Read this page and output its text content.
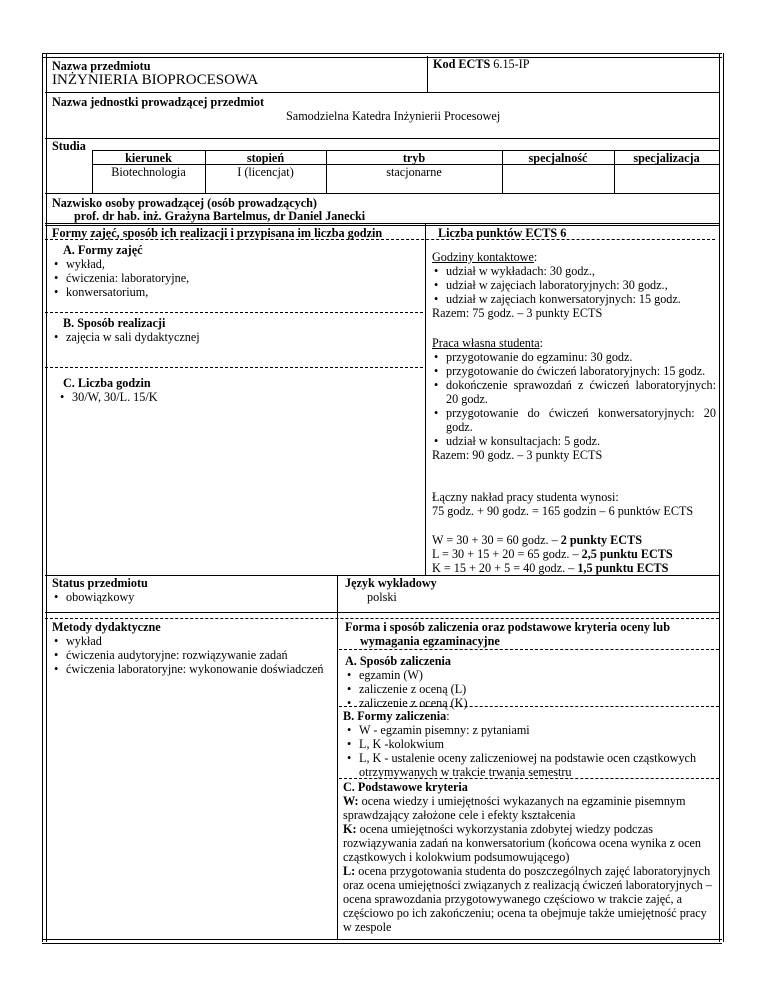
Nazwa przedmiotu
INŻYNIERIA BIOPROCESOWA
Kod ECTS 6.15-IP
Nazwa jednostki prowadzącej przedmiot
Samodzielna Katedra Inżynierii Procesowej
Studia
kierunek	stopień	tryb	specjalność	specjalizacja
Biotechnologia	I (licencjat)	stacjonarne
Nazwisko osoby prowadzącej (osób prowadzących)
prof. dr hab. inż. Grażyna Bartelmus, dr Daniel Janecki
Formy zajęć, sposób ich realizacji i przypisana im liczba godzin
A. Formy zajęć
• wykład,
• ćwiczenia: laboratoryjne,
• konwersatorium,
B. Sposób realizacji
• zajęcia w sali dydaktycznej
C. Liczba godzin
• 30/W, 30/L. 15/K
Liczba punktów ECTS 6
Godziny kontaktowe:
• udział w wykładach: 30 godz.,
• udział w zajęciach laboratoryjnych: 30 godz.,
• udział w zajęciach konwersatoryjnych: 15 godz.
Razem: 75 godz. – 3 punkty ECTS
Praca własna studenta:
• przygotowanie do egzaminu: 30 godz.
• przygotowanie do ćwiczeń laboratoryjnych: 15 godz.
• dokończenie sprawozdań z ćwiczeń laboratoryjnych: 20 godz.
• przygotowanie do ćwiczeń konwersatoryjnych: 20 godz.
• udział w konsultacjach: 5 godz.
Razem: 90 godz. – 3 punkty ECTS
Łączny nakład pracy studenta wynosi:
75 godz. + 90 godz. = 165 godzin – 6 punktów ECTS
W = 30 + 30 = 60 godz. – 2 punkty ECTS
L = 30 + 15 + 20 = 65 godz. – 2,5 punktu ECTS
K = 15 + 20 + 5 = 40 godz. – 1,5 punktu ECTS
Status przedmiotu
• obowiązkowy
Język wykładowy
polski
Metody dydaktyczne
• wykład
• ćwiczenia audytoryjne: rozwiązywanie zadań
• ćwiczenia laboratoryjne: wykonowanie doświadczeń
Forma i sposób zaliczenia oraz podstawowe kryteria oceny lub wymagania egzaminacyjne
A. Sposób zaliczenia
• egzamin (W)
• zaliczenie z oceną (L)
• zaliczenie z oceną (K)
B. Formy zaliczenia:
• W - egzamin pisemny: z pytaniami
• L, K -kolokwium
• L, K - ustalenie oceny zaliczeniowej na podstawie ocen cząstkowych otrzymywanych w trakcie trwania semestru
C. Podstawowe kryteria
W: ocena wiedzy i umiejętności wykazanych na egzaminie pisemnym sprawdzający założone cele i efekty kształcenia
K: ocena umiejętności wykorzystania zdobytej wiedzy podczas rozwiązywania zadań na konwersatorium (końcowa ocena wynika z ocen cząstkowych i kolokwium podsumowującego)
L: ocena przygotowania studenta do poszczególnych zajęć laboratoryjnych oraz ocena umiejętności związanych z realizacją ćwiczeń laboratoryjnych – ocena sprawozdania przygotowywanego częściowo w trakcie zajęć, a częściowo po ich zakończeniu; ocena ta obejmuje także umiejętność pracy w zespole
